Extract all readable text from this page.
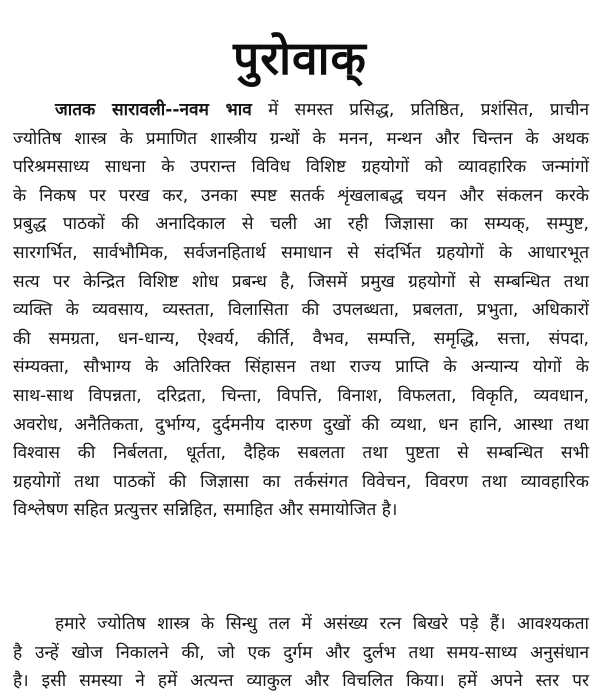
पुरोवाक्
जातक सारावली--नवम भाव में समस्त प्रसिद्ध, प्रतिष्ठित, प्रशंसित, प्राचीन
ज्योतिष शास्त्र के प्रमाणित शास्त्रीय ग्रन्थों के मनन, मन्थन और चिन्तन के अथक
परिश्रमसाध्य साधना के उपरान्त विविध विशिष्ट ग्रहयोगों को व्यावहारिक जन्मांगों
के निकष पर परख कर, उनका स्पष्ट सतर्क शृंखलाबद्ध चयन और संकलन करके
प्रबुद्ध पाठकों की अनादिकाल से चली आ रही जिज्ञासा का सम्यक्, सम्पुष्ट,
सारगर्भित, सार्वभौमिक, सर्वजनहितार्थ समाधान से संदर्भित ग्रहयोगों के आधारभूत
सत्य पर केन्द्रित विशिष्ट शोध प्रबन्ध है, जिसमें प्रमुख ग्रहयोगों से सम्बन्धित तथा
व्यक्ति के व्यवसाय, व्यस्तता, विलासिता की उपलब्धता, प्रबलता, प्रभुता, अधिकारों
की समग्रता, धन-धान्य, ऐश्वर्य, कीर्ति, वैभव, सम्पत्ति, समृद्धि, सत्ता, संपदा,
संम्यक्ता, सौभाग्य के अतिरिक्त सिंहासन तथा राज्य प्राप्ति के अन्यान्य योगों के
साथ-साथ विपन्नता, दरिद्रता, चिन्ता, विपत्ति, विनाश, विफलता, विकृति, व्यवधान,
अवरोध, अनैतिकता, दुर्भाग्य, दुर्दमनीय दारुण दुखों की व्यथा, धन हानि, आस्था तथा
विश्वास की निर्बलता, धूर्तता, दैहिक सबलता तथा पुष्टता से सम्बन्धित सभी
ग्रहयोगों तथा पाठकों की जिज्ञासा का तर्कसंगत विवेचन, विवरण तथा व्यावहारिक
विश्लेषण सहित प्रत्युत्तर सन्निहित, समाहित और समायोजित है।
हमारे ज्योतिष शास्त्र के सिन्धु तल में असंख्य रत्न बिखरे पड़े हैं। आवश्यकता
है उन्हें खोज निकालने की, जो एक दुर्गम और दुर्लभ तथा समय-साध्य अनुसंधान
है। इसी समस्या ने हमें अत्यन्त व्याकुल और विचलित किया। हमें अपने स्तर पर
